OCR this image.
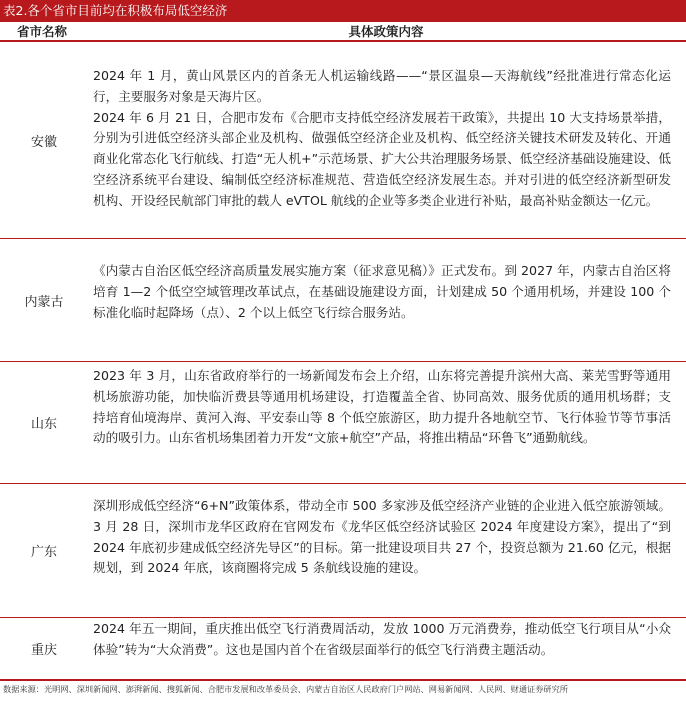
表2.各个省市目前均在积极布局低空经济
省市名称	具体政策内容
安徽

2024 年 1 月，黄山风景区内的首条无人机运输线路——“景区温泉—天海航线”经批准进行常态化运行，主要服务对象是天海片区。

2024 年 6 月 21 日，合肥市发布《合肥市支持低空经济发展若干政策》，共提出 10 大支持场景举措，分别为引进低空经济头部企业及机构、做强低空经济企业及机构、低空经济关键技术研发及转化、开通商业化常态化飞行航线、打造“无人机+”示范场景、扩大公共治理服务场景、低空经济基础设施建设、低空经济系统平台建设、编制低空经济标准规范、营造低空经济发展生态。并对引进的低空经济新型研发机构、开设经民航部门审批的载人 eVTOL 航线的企业等多类企业进行补贴，最高补贴金额达一亿元。

内蒙古

《内蒙古自治区低空经济高质量发展实施方案（征求意见稿）》正式发布。到 2027 年，内蒙古自治区将培育 1—2 个低空空域管理改革试点，在基础设施建设方面，计划建成 50 个通用机场，并建设 100 个标准化临时起降场（点）、2 个以上低空飞行综合服务站。

山东

2023 年 3 月，山东省政府举行的一场新闻发布会上介绍，山东将完善提升滨州大高、莱芜雪野等通用机场旅游功能，加快临沂费县等通用机场建设，打造覆盖全省、协同高效、服务优质的通用机场群；支持培育仙境海岸、黄河入海、平安泰山等 8 个低空旅游区，助力提升各地航空节、飞行体验节等节事活动的吸引力。山东省机场集团着力开发“文旅+航空”产品，将推出精品“环鲁飞”通勤航线。

广东

深圳形成低空经济“6+N”政策体系，带动全市 500 多家涉及低空经济产业链的企业进入低空旅游领域。3 月 28 日，深圳市龙华区政府在官网发布《龙华区低空经济试验区 2024 年度建设方案》，提出了“到 2024 年底初步建成低空经济先导区”的目标。第一批建设项目共 27 个，投资总额为 21.60 亿元，根据规划，到 2024 年底，该商圈将完成 5 条航线设施的建设。

重庆

2024 年五一期间，重庆推出低空飞行消费周活动，发放 1000 万元消费券，推动低空飞行项目从“小众体验”转为“大众消费”。这也是国内首个在省级层面举行的低空飞行消费主题活动。

数据来源：光明网、深圳新闻网、澎湃新闻、搜狐新闻、合肥市发展和改革委员会、内蒙古自治区人民政府门户网站、网易新闻网、人民网、财通证券研究所
